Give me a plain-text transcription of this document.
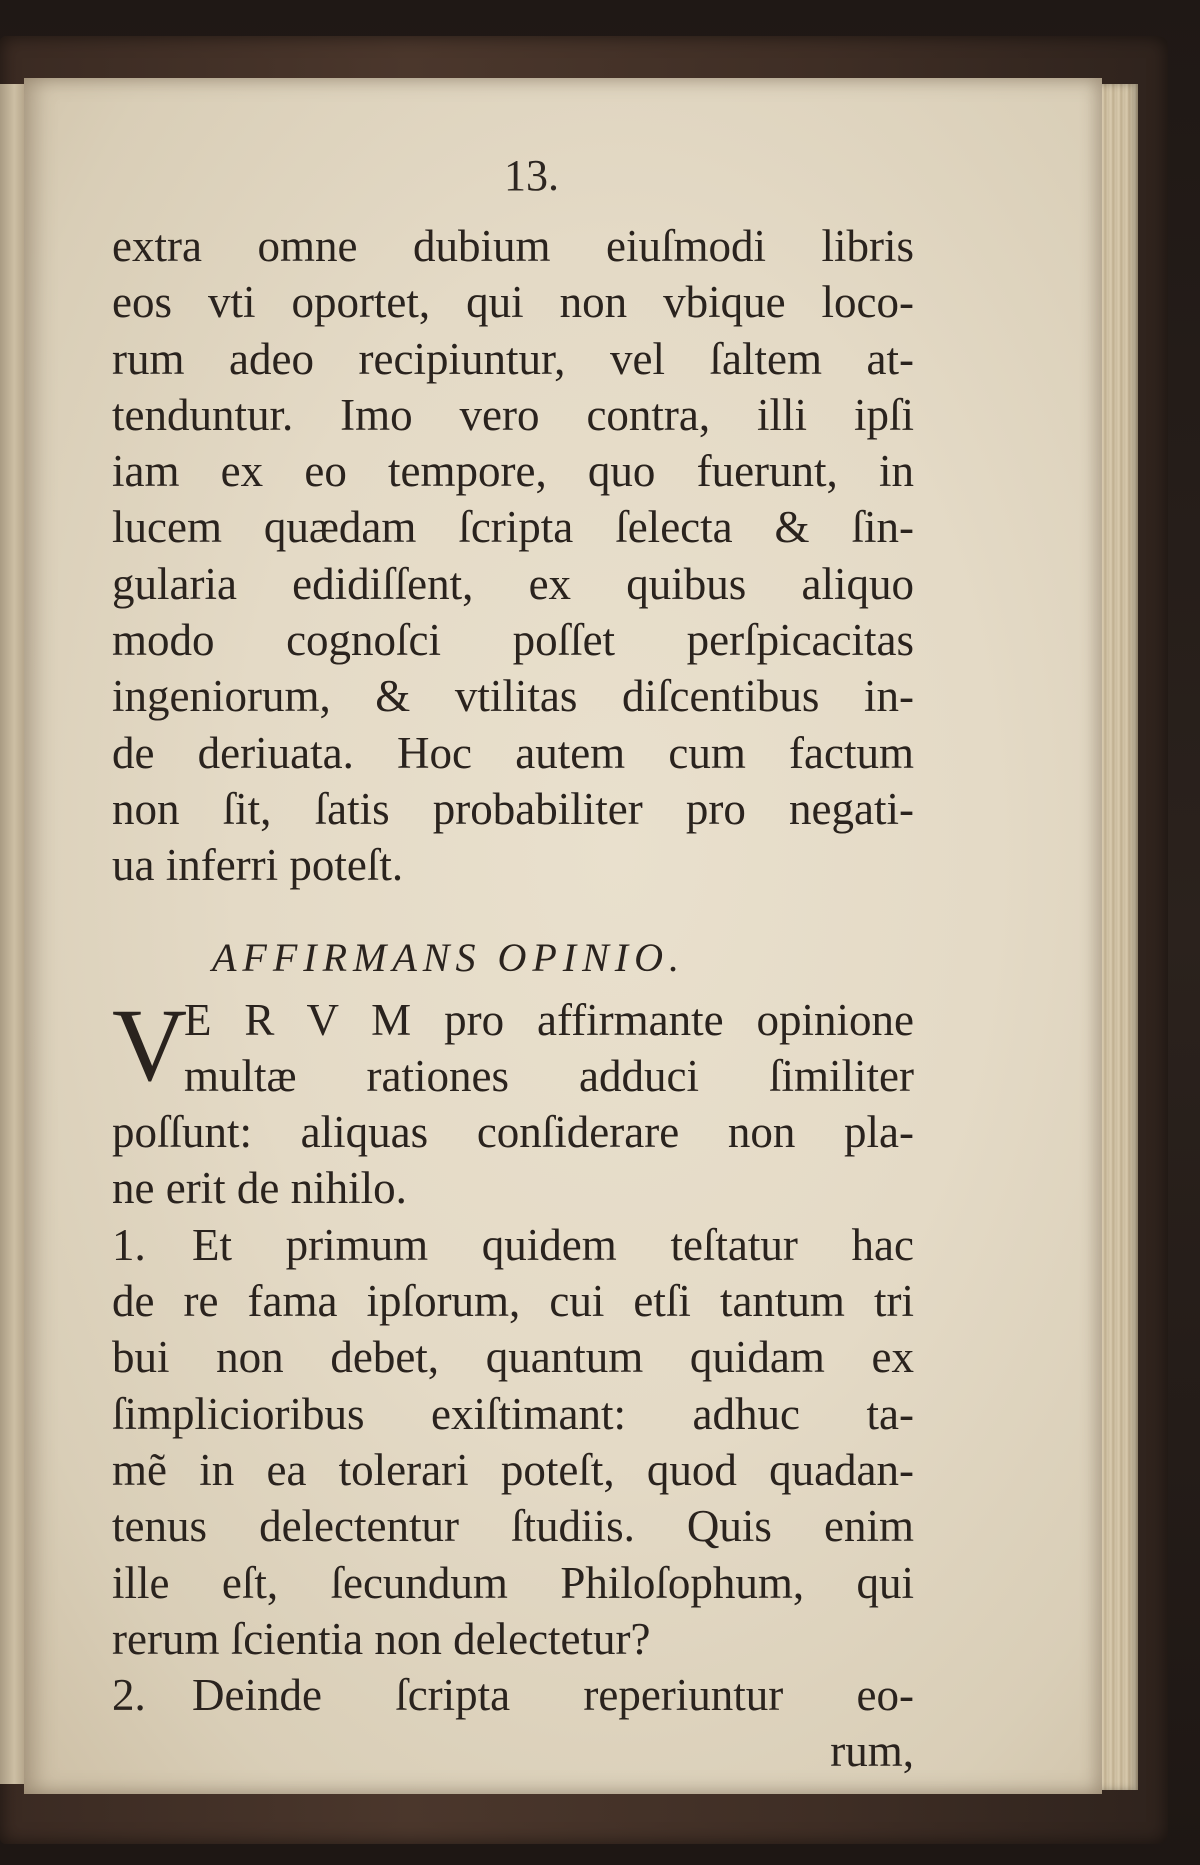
13.
extra omne dubium eiuſmodi libris
eos vti oportet, qui non vbique loco-
rum adeo recipiuntur, vel ſaltem at-
tenduntur. Imo vero contra, illi ipſi
iam ex eo tempore, quo fuerunt, in
lucem quædam ſcripta ſelecta & ſin-
gularia edidiſſent, ex quibus aliquo
modo cognoſci poſſet perſpicacitas
ingeniorum, & vtilitas diſcentibus in-
de deriuata. Hoc autem cum factum
non ſit, ſatis probabiliter pro negati-
ua inferri poteſt.
AFFIRMANS OPINIO.
V
E R V M pro affirmante opinione
multæ rationes adduci ſimiliter
poſſunt: aliquas conſiderare non pla-
ne erit de nihilo.
1.	Et primum quidem teſtatur hac
de re fama ipſorum, cui etſi tantum tri
bui non debet, quantum quidam ex
ſimplicioribus exiſtimant: adhuc ta-
mẽ in ea tolerari poteſt, quod quadan-
tenus delectentur ſtudiis. Quis enim
ille eſt, ſecundum Philoſophum, qui
rerum ſcientia non delectetur?
2.	Deinde ſcripta reperiuntur eo-
rum,
